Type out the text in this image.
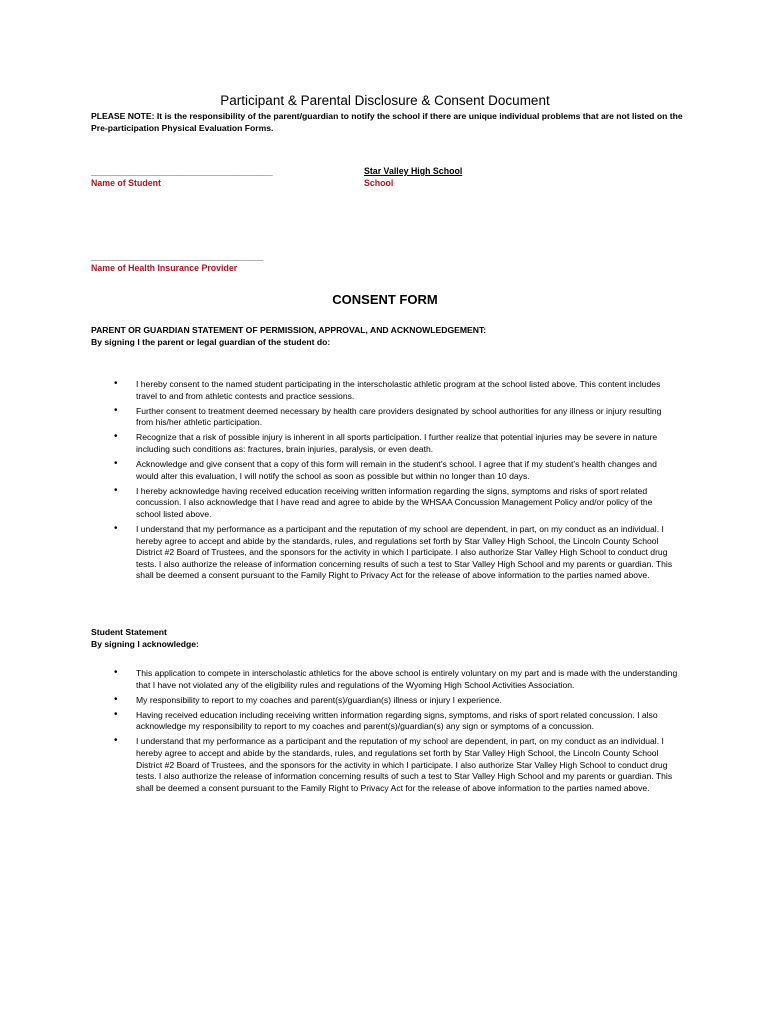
Participant & Parental Disclosure & Consent Document
PLEASE NOTE: It is the responsibility of the parent/guardian to notify the school if there are unique individual problems that are not listed on the Pre-participation Physical Evaluation Forms.
______________________________________
Name of Student
Star Valley High School
School
____________________________________
Name of Health Insurance Provider
CONSENT FORM
PARENT OR GUARDIAN STATEMENT OF PERMISSION, APPROVAL, AND ACKNOWLEDGEMENT:
By signing I the parent or legal guardian of the student do:
• I hereby consent to the named student participating in the interscholastic athletic program at the school listed above. This content includes travel to and from athletic contests and practice sessions.
• Further consent to treatment deemed necessary by health care providers designated by school authorities for any illness or injury resulting from his/her athletic participation.
• Recognize that a risk of possible injury is inherent in all sports participation. I further realize that potential injuries may be severe in nature including such conditions as: fractures, brain injuries, paralysis, or even death.
• Acknowledge and give consent that a copy of this form will remain in the student’s school. I agree that if my student’s health changes and would alter this evaluation, I will notify the school as soon as possible but within no longer than 10 days.
• I hereby acknowledge having received education receiving written information regarding the signs, symptoms and risks of sport related concussion. I also acknowledge that I have read and agree to abide by the WHSAA Concussion Management Policy and/or policy of the school listed above.
• I understand that my performance as a participant and the reputation of my school are dependent, in part, on my conduct as an individual. I hereby agree to accept and abide by the standards, rules, and regulations set forth by Star Valley High School, the Lincoln County School District #2 Board of Trustees, and the sponsors for the activity in which I participate. I also authorize Star Valley High School to conduct drug tests. I also authorize the release of information concerning results of such a test to Star Valley High School and my parents or guardian. This shall be deemed a consent pursuant to the Family Right to Privacy Act for the release of above information to the parties named above.
Student Statement
By signing I acknowledge:
• This application to compete in interscholastic athletics for the above school is entirely voluntary on my part and is made with the understanding that I have not violated any of the eligibility rules and regulations of the Wyoming High School Activities Association.
• My responsibility to report to my coaches and parent(s)/guardian(s) illness or injury I experience.
• Having received education including receiving written information regarding signs, symptoms, and risks of sport related concussion. I also acknowledge my responsibility to report to my coaches and parent(s)/guardian(s) any sign or symptoms of a concussion.
• I understand that my performance as a participant and the reputation of my school are dependent, in part, on my conduct as an individual. I hereby agree to accept and abide by the standards, rules, and regulations set forth by Star Valley High School, the Lincoln County School District #2 Board of Trustees, and the sponsors for the activity in which I participate. I also authorize Star Valley High School to conduct drug tests. I also authorize the release of information concerning results of such a test to Star Valley High School and my parents or guardian. This shall be deemed a consent pursuant to the Family Right to Privacy Act for the release of above information to the parties named above.
